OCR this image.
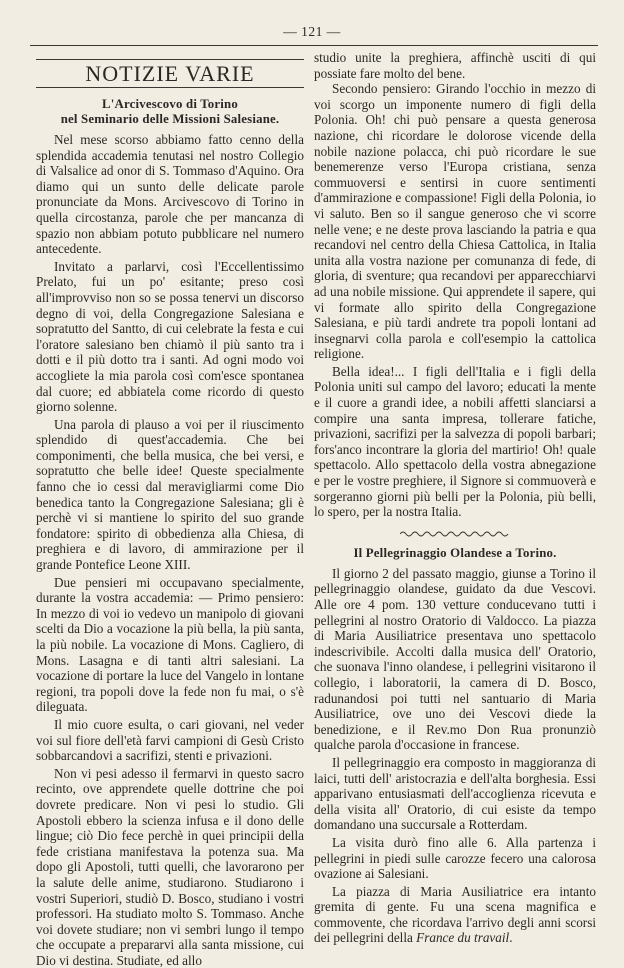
— 121 —
NOTIZIE VARIE
L'Arcivescovo di Torino
nel Seminario delle Missioni Salesiane.

Nel mese scorso abbiamo fatto cenno della splendida accademia tenutasi nel nostro Collegio di Valsalice ad onor di S. Tommaso d'Aquino. Ora diamo qui un sunto delle delicate parole pronunciate da Mons. Arcivescovo di Torino in quella circostanza, parole che per mancanza di spazio non abbiam potuto pubblicare nel numero antecedente.

Invitato a parlarvi, così l'Eccellentissimo Prelato, fui un po' esitante; preso così all'improvviso non so se possa tenervi un discorso degno di voi, della Congregazione Salesiana e sopratutto del Santto, di cui celebrate la festa e cui l'oratore salesiano ben chiamò il più santo tra i dotti e il più dotto tra i santi. Ad ogni modo voi accogliete la mia parola così com'esce spontanea dal cuore; ed abbiatela come ricordo di questo giorno solenne.

Una parola di plauso a voi per il riuscimento splendido di quest'accademia. Che bei componimenti, che bella musica, che bei versi, e sopratutto che belle idee! Queste specialmente fanno che io cessi dal meravigliarmi come Dio benedica tanto la Congregazione Salesiana; gli è perchè vi si mantiene lo spirito del suo grande fondatore: spirito di obbedienza alla Chiesa, di preghiera e di lavoro, di ammirazione per il grande Pontefice Leone XIII.

Due pensieri mi occupavano specialmente, durante la vostra accademia: — Primo pensiero: In mezzo di voi io vedevo un manipolo di giovani scelti da Dio a vocazione la più bella, la più santa, la più nobile. La vocazione di Mons. Cagliero, di Mons. Lasagna e di tanti altri salesiani. La vocazione di portare la luce del Vangelo in lontane regioni, tra popoli dove la fede non fu mai, o s'è dileguata.

Il mio cuore esulta, o cari giovani, nel veder voi sul fiore dell'età farvi campioni di Gesù Cristo sobbarcandovi a sacrifizi, stenti e privazioni.

Non vi pesi adesso il fermarvi in questo sacro recinto, ove apprendete quelle dottrine che poi dovrete predicare. Non vi pesi lo studio. Gli Apostoli ebbero la scienza infusa e il dono delle lingue; ciò Dio fece perchè in quei principii della fede cristiana manifestava la potenza sua. Ma dopo gli Apostoli, tutti quelli, che lavorarono per la salute delle anime, studiarono. Studiarono i vostri Superiori, studiò D. Bosco, studiano i vostri professori. Ha studiato molto S. Tommaso. Anche voi dovete studiare; non vi sembri lungo il tempo che occupate a prepararvi alla santa missione, cui Dio vi destina. Studiate, ed allo

studio unite la preghiera, affinchè usciti di qui possiate fare molto del bene.

Secondo pensiero: Girando l'occhio in mezzo di voi scorgo un imponente numero di figli della Polonia. Oh! chi può pensare a questa generosa nazione, chi ricordare le dolorose vicende della nobile nazione polacca, chi può ricordare le sue benemerenze verso l'Europa cristiana, senza commuoversi e sentirsi in cuore sentimenti d'ammirazione e compassione! Figli della Polonia, io vi saluto. Ben so il sangue generoso che vi scorre nelle vene; e ne deste prova lasciando la patria e qua recandovi nel centro della Chiesa Cattolica, in Italia unita alla vostra nazione per comunanza di fede, di gloria, di sventure; qua recandovi per apparecchiarvi ad una nobile missione. Qui apprendete il sapere, qui vi formate allo spirito della Congregazione Salesiana, e più tardi andrete tra popoli lontani ad insegnarvi colla parola e coll'esempio la cattolica religione.

Bella idea!... I figli dell'Italia e i figli della Polonia uniti sul campo del lavoro; educati la mente e il cuore a grandi idee, a nobili affetti slanciarsi a compire una santa impresa, tollerare fatiche, privazioni, sacrifizi per la salvezza di popoli barbari; fors'anco incontrare la gloria del martirio! Oh! quale spettacolo. Allo spettacolo della vostra abnegazione e per le vostre preghiere, il Signore si commuoverà e sorgeranno giorni più belli per la Polonia, più belli, lo spero, per la nostra Italia.

Il Pellegrinaggio Olandese a Torino.

Il giorno 2 del passato maggio, giunse a Torino il pellegrinaggio olandese, guidato da due Vescovi. Alle ore 4 pom. 130 vetture conducevano tutti i pellegrini al nostro Oratorio di Valdocco. La piazza di Maria Ausiliatrice presentava uno spettacolo indescrivibile. Accolti dalla musica dell' Oratorio, che suonava l'inno olandese, i pellegrini visitarono il collegio, i laboratorii, la camera di D. Bosco, radunandosi poi tutti nel santuario di Maria Ausiliatrice, ove uno dei Vescovi diede la benedizione, e il Rev.mo Don Rua pronunziò qualche parola d'occasione in francese.

Il pellegrinaggio era composto in maggioranza di laici, tutti dell' aristocrazia e dell'alta borghesia. Essi apparivano entusiasmati dell'accoglienza ricevuta e della visita all' Oratorio, di cui esiste da tempo domandano una succursale a Rotterdam.

La visita durò fino alle 6. Alla partenza i pellegrini in piedi sulle carozze fecero una calorosa ovazione ai Salesiani.

La piazza di Maria Ausiliatrice era intanto gremita di gente. Fu una scena magnifica e commovente, che ricordava l'arrivo degli anni scorsi dei pellegrini della France du travail.
